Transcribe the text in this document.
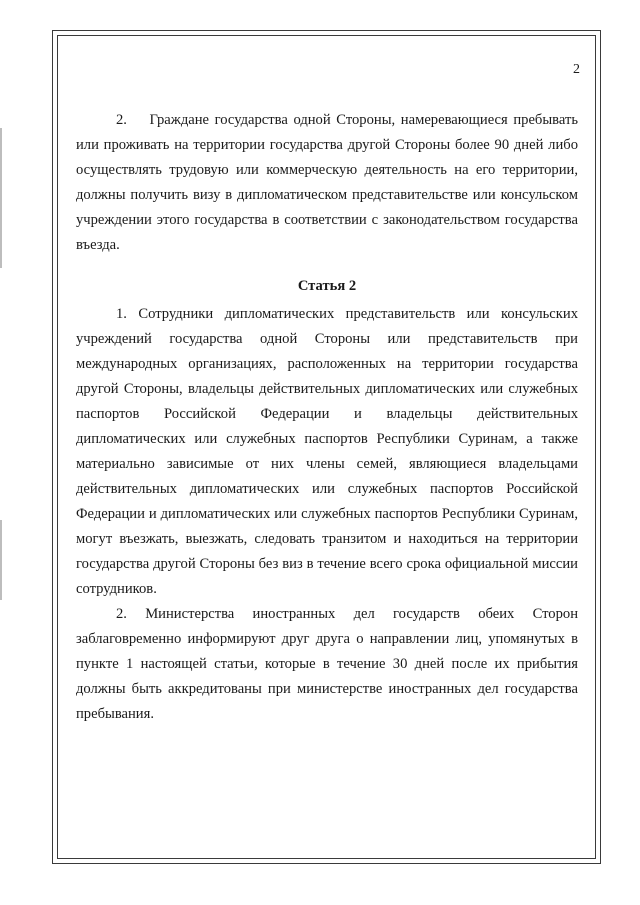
2

2.    Граждане государства одной Стороны, намеревающиеся пребывать или проживать на территории государства другой Стороны более 90 дней либо осуществлять трудовую или коммерческую деятельность на его территории, должны получить визу в дипломатическом представительстве или консульском учреждении этого государства в соответствии с законодательством государства въезда.

Статья 2

1. Сотрудники дипломатических представительств или консульских учреждений государства одной Стороны или представительств при международных организациях, расположенных на территории государства другой Стороны, владельцы действительных дипломатических или служебных паспортов Российской Федерации и владельцы действительных дипломатических или служебных паспортов Республики Суринам, а также материально зависимые от них члены семей, являющиеся владельцами действительных дипломатических или служебных паспортов Российской Федерации и дипломатических или служебных паспортов Республики Суринам, могут въезжать, выезжать, следовать транзитом и находиться на территории государства другой Стороны без виз в течение всего срока официальной миссии сотрудников.

2. Министерства иностранных дел государств обеих Сторон заблаговременно информируют друг друга о направлении лиц, упомянутых в пункте 1 настоящей статьи, которые в течение 30 дней после их прибытия должны быть аккредитованы при министерстве иностранных дел государства пребывания.
